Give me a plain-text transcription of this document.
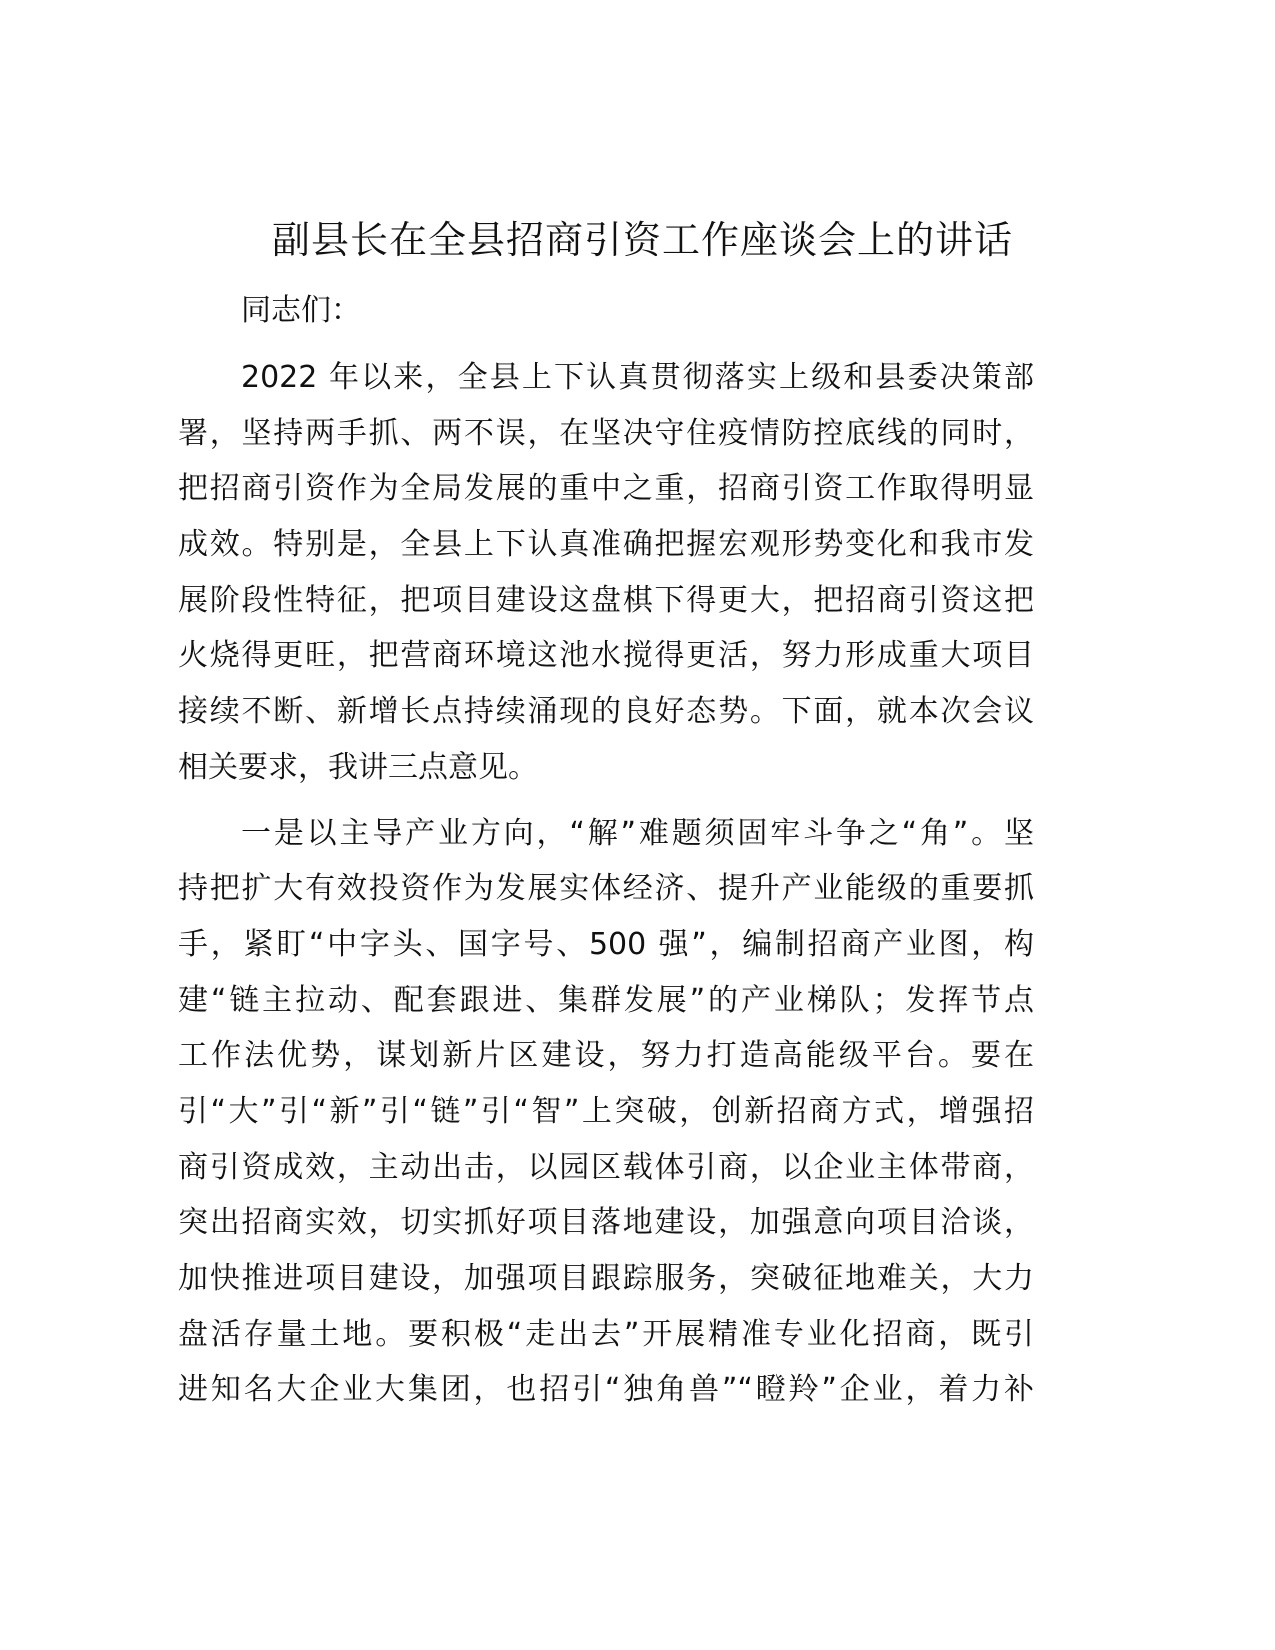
副县长在全县招商引资工作座谈会上的讲话
同志们：
2022 年以来，全县上下认真贯彻落实上级和县委决策部
署，坚持两手抓、两不误，在坚决守住疫情防控底线的同时，
把招商引资作为全局发展的重中之重，招商引资工作取得明显
成效。特别是，全县上下认真准确把握宏观形势变化和我市发
展阶段性特征，把项目建设这盘棋下得更大，把招商引资这把
火烧得更旺，把营商环境这池水搅得更活，努力形成重大项目
接续不断、新增长点持续涌现的良好态势。下面，就本次会议
相关要求，我讲三点意见。
一是以主导产业方向，“解”难题须固牢斗争之“角”。坚
持把扩大有效投资作为发展实体经济、提升产业能级的重要抓
手，紧盯“中字头、国字号、500 强”，编制招商产业图，构
建“链主拉动、配套跟进、集群发展”的产业梯队；发挥节点
工作法优势，谋划新片区建设，努力打造高能级平台。要在
引“大”引“新”引“链”引“智”上突破，创新招商方式，增强招
商引资成效，主动出击，以园区载体引商，以企业主体带商，
突出招商实效，切实抓好项目落地建设，加强意向项目洽谈，
加快推进项目建设，加强项目跟踪服务，突破征地难关，大力
盘活存量土地。要积极“走出去”开展精准专业化招商，既引
进知名大企业大集团，也招引“独角兽”“瞪羚”企业，着力补
